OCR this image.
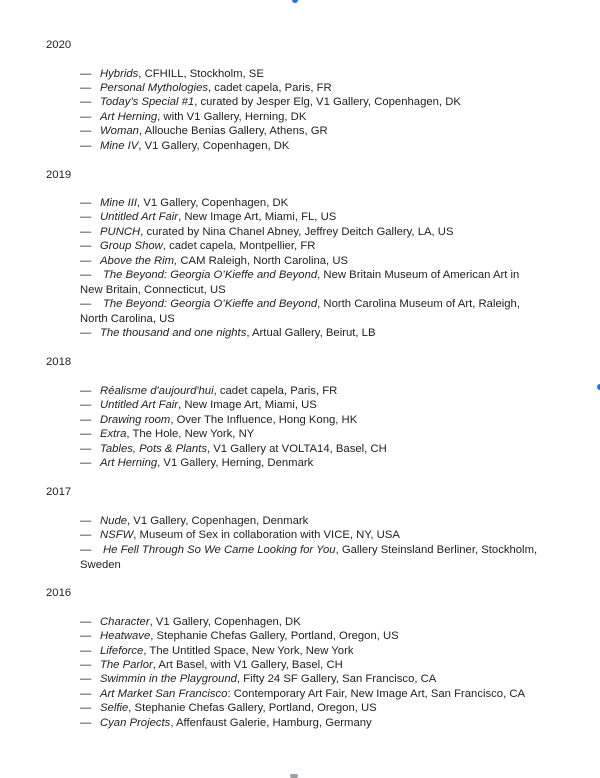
2020
— Hybrids, CFHILL, Stockholm, SE
— Personal Mythologies, cadet capela, Paris, FR
— Today’s Special #1, curated by Jesper Elg, V1 Gallery, Copenhagen, DK
— Art Herning, with V1 Gallery, Herning, DK
— Woman, Allouche Benias Gallery, Athens, GR
— Mine IV, V1 Gallery, Copenhagen, DK
2019
— Mine III, V1 Gallery, Copenhagen, DK
— Untitled Art Fair, New Image Art, Miami, FL, US
— PUNCH, curated by Nina Chanel Abney, Jeffrey Deitch Gallery, LA, US
— Group Show, cadet capela, Montpellier, FR
— Above the Rim, CAM Raleigh, North Carolina, US
— The Beyond: Georgia O’Kieffe and Beyond, New Britain Museum of American Art in New Britain, Connecticut, US
— The Beyond: Georgia O’Kieffe and Beyond, North Carolina Museum of Art, Raleigh, North Carolina, US
— The thousand and one nights, Artual Gallery, Beirut, LB
2018
— Réalisme d'aujourd'hui, cadet capela, Paris, FR
— Untitled Art Fair, New Image Art, Miami, US
— Drawing room, Over The Influence, Hong Kong, HK
— Extra, The Hole, New York, NY
— Tables, Pots & Plants, V1 Gallery at VOLTA14, Basel, CH
— Art Herning, V1 Gallery, Herning, Denmark
2017
— Nude, V1 Gallery, Copenhagen, Denmark
— NSFW, Museum of Sex in collaboration with VICE, NY, USA
— He Fell Through So We Came Looking for You, Gallery Steinsland Berliner, Stockholm, Sweden
2016
— Character, V1 Gallery, Copenhagen, DK
— Heatwave, Stephanie Chefas Gallery, Portland, Oregon, US
— Lifeforce, The Untitled Space, New York, New York
— The Parlor, Art Basel, with V1 Gallery, Basel, CH
— Swimmin in the Playground, Fifty 24 SF Gallery, San Francisco, CA
— Art Market San Francisco: Contemporary Art Fair, New Image Art, San Francisco, CA
— Selfie, Stephanie Chefas Gallery, Portland, Oregon, US
— Cyan Projects, Affenfaust Galerie, Hamburg, Germany
